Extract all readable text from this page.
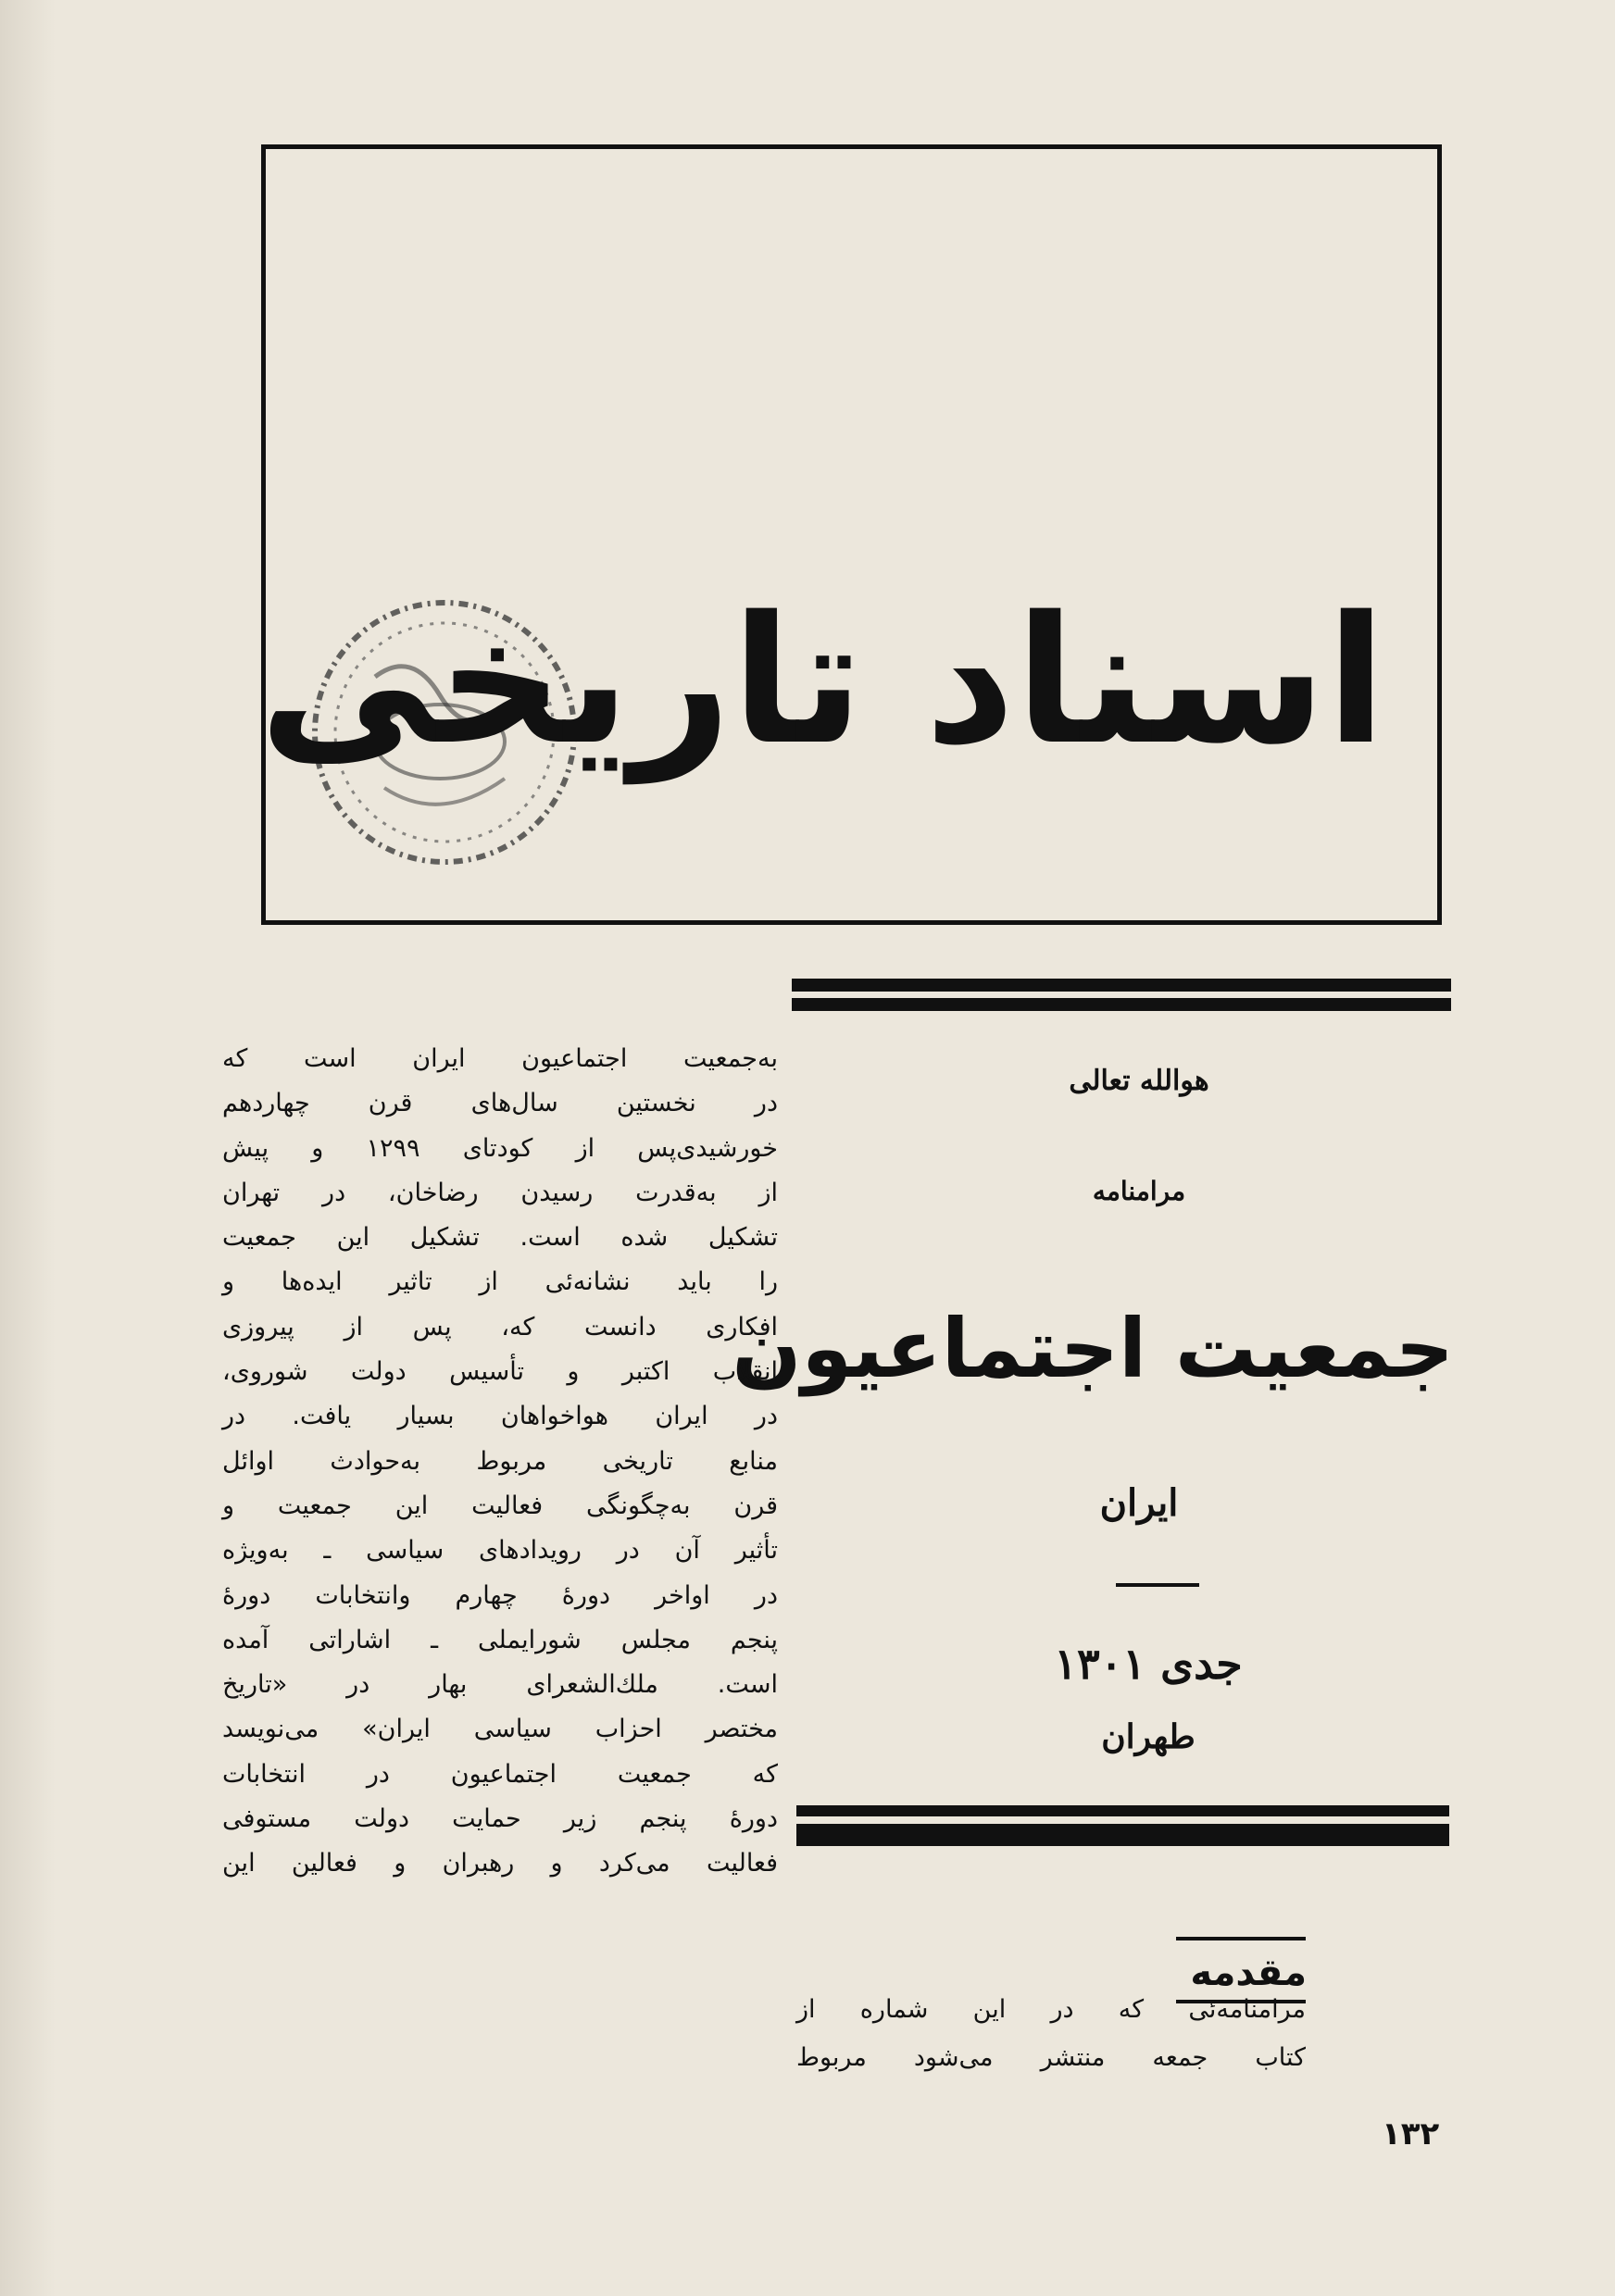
اسناد تاریخی
هوالله تعالی
مرامنامه
جمعیت اجتماعیون
ایران
جدی ۱۳۰۱
طهران
مقدمه
مرامنامه‌ئی که در این شماره از
کتاب جمعه منتشر می‌شود مربوط
به‌جمعیت اجتماعیون ایران است که
در نخستین سال‌های قرن چهاردهم
خورشیدی‌پس از کودتای ۱۲۹۹ و پیش
از به‌قدرت رسیدن رضاخان، در تهران
تشکیل شده است. تشکیل این جمعیت
را باید نشانه‌ئی از تاثیر ایده‌ها و
افکاری دانست که، پس از پیروزی
انقلاب اکتبر و تأسیس دولت شوروی،
در ایران هواخواهان بسیار یافت. در
منابع تاریخی مربوط به‌حوادث اوائل
قرن به‌چگونگی فعالیت این جمعیت و
تأثیر آن در رویدادهای سیاسی ـ به‌ویژه
در اواخر دورهٔ چهارم وانتخابات دورهٔ
پنجم مجلس شورایملی ـ اشاراتی آمده
است. ملك‌الشعرای بهار در «تاریخ
مختصر احزاب سیاسی ایران» می‌نویسد
که جمعیت اجتماعیون در انتخابات
دورهٔ پنجم زیر حمایت دولت مستوفی
فعالیت می‌کرد و رهبران و فعالین این
۱۳۲
